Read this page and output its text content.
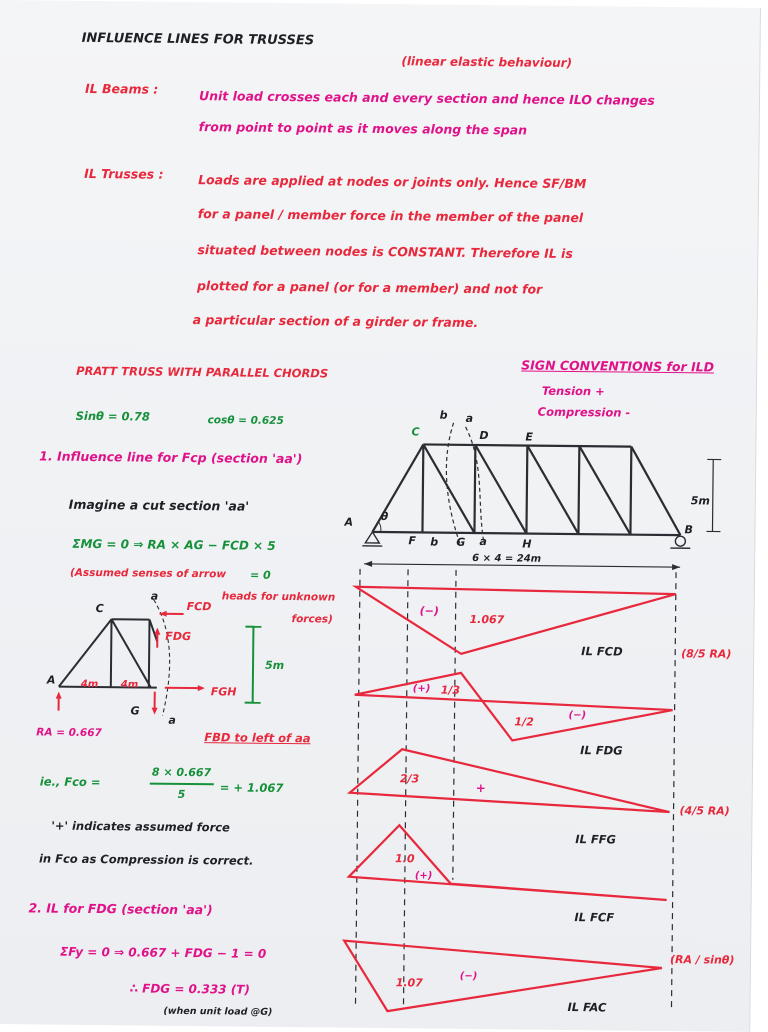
INFLUENCE LINES FOR TRUSSES
(linear elastic behaviour)
IL Beams :	Unit load crosses each and every section and hence ILO changes
from point to point as it moves along the span
IL Trusses :	Loads are applied at nodes or joints only. Hence SF/BM
for a panel / member force in the member of the panel
situated between nodes is CONSTANT. Therefore IL is
plotted for a panel (or for a member) and not for
a particular section of a girder or frame.
PRATT TRUSS WITH PARALLEL CHORDS	SIGN CONVENTIONS for ILD
Tension +
Compression -
Sinθ = 0.78	cosθ = 0.625
1. Influence line for Fcp (section 'aa')
Imagine a cut section 'aa'
ΣMG = 0 ⇒ RA × AG − FCD × 5
(Assumed senses of arrow = 0
heads for unknown
forces)
RA = 0.667	FBD to left of aa
ie., Fco =
8 × 0.667
5	= + 1.067
'+' indicates assumed force
in Fco as Compression is correct.
2. IL for FDG (section 'aa')
ΣFy = 0 ⇒ 0.667 + FDG − 1 = 0
∴ FDG = 0.333 (T)
(when unit load @G)
A
B
C	D	E
F	G	H
a
b
a
b
θ
5m
6 × 4 = 24m
A
C
G
a
a
FCD
FDG
FGH
4m 4m
5m
IL FCD	(8/5 RA)
1.067
(−)
IL FDG
1/3
(+)
1/2	(−)
(4/5 RA)
2/3
+
IL FFG
1.0
(+)
IL FCF
(RA / sinθ)
1.07	(−)
IL FAC
